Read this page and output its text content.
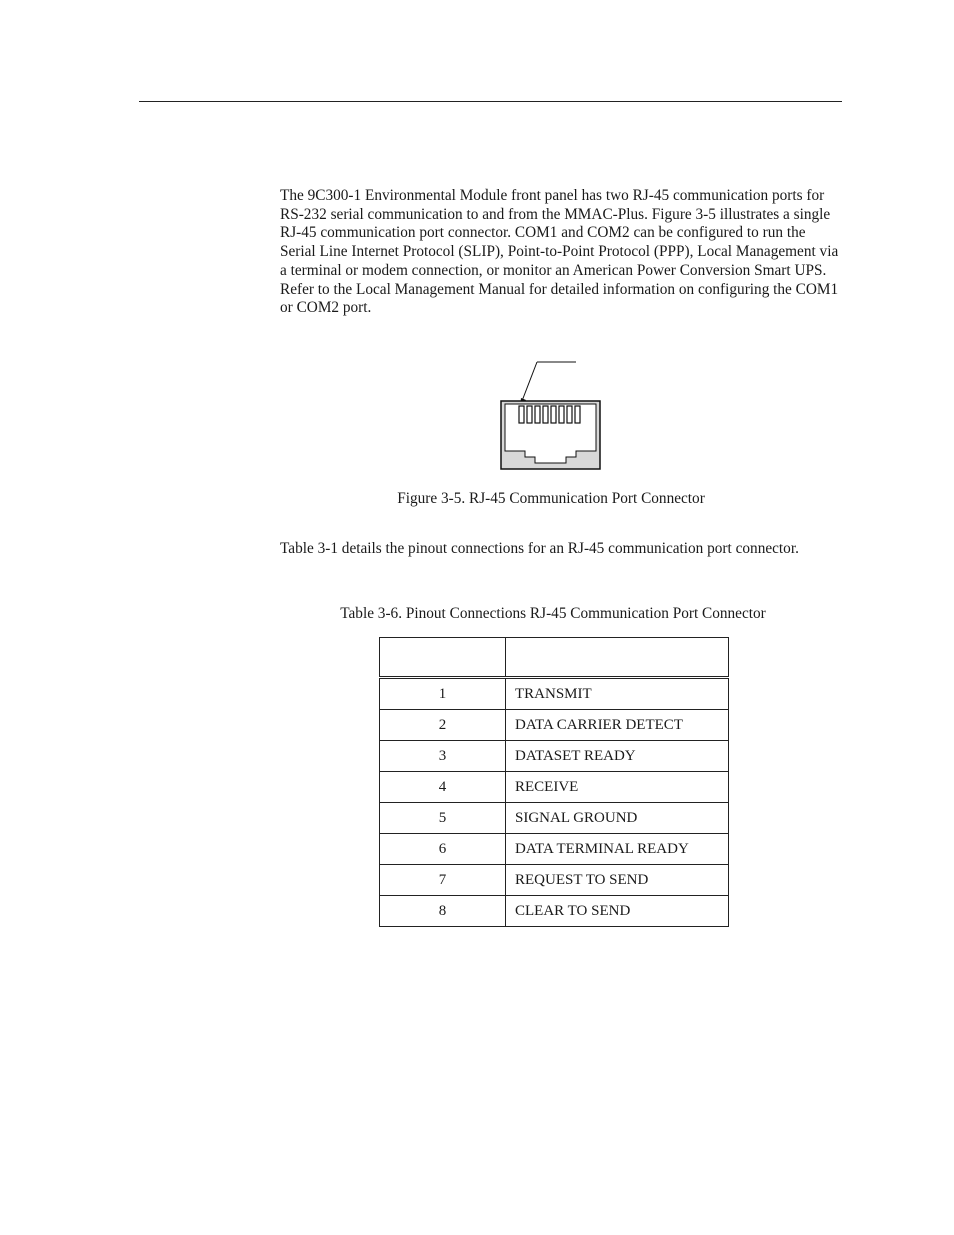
The 9C300-1 Environmental Module front panel has two RJ-45 communication ports for RS-232 serial communication to and from the MMAC-Plus. Figure 3-5 illustrates a single RJ-45 communication port connector. COM1 and COM2 can be configured to run the Serial Line Internet Protocol (SLIP), Point-to-Point Protocol (PPP), Local Management via a terminal or modem connection, or monitor an American Power Conversion Smart UPS. Refer to the Local Management Manual for detailed information on configuring the COM1 or COM2 port.

Figure 3-5. RJ-45 Communication Port Connector

Table 3-1 details the pinout connections for an RJ-45 communication port connector.

Table 3-6. Pinout Connections RJ-45 Communication Port Connector

1	TRANSMIT
2	DATA CARRIER DETECT
3	DATASET READY
4	RECEIVE
5	SIGNAL GROUND
6	DATA TERMINAL READY
7	REQUEST TO SEND
8	CLEAR TO SEND
